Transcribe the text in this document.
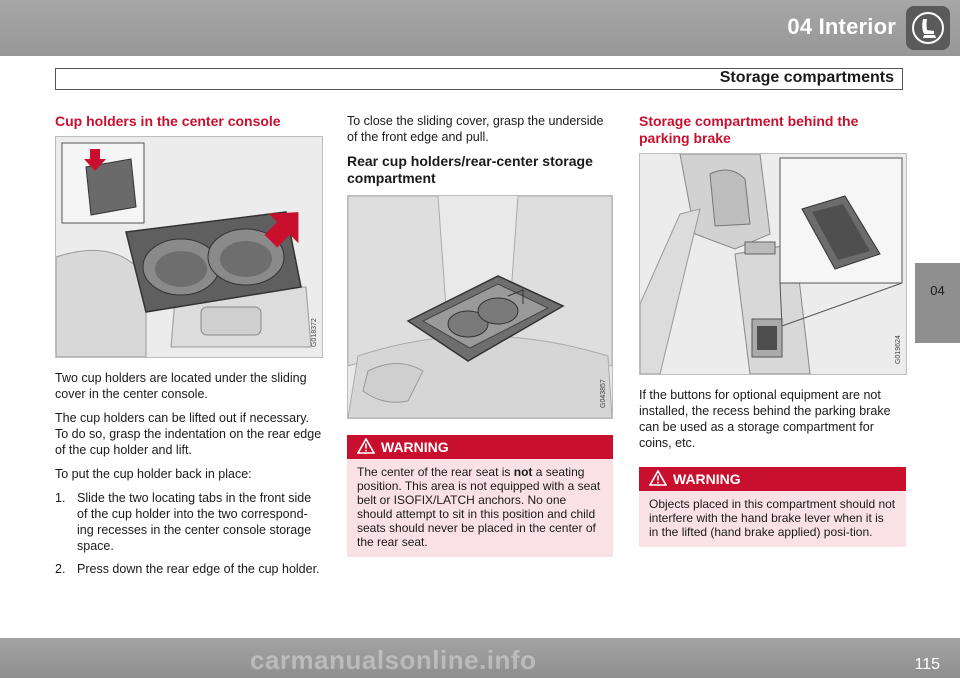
04 Interior
Storage compartments
04
Cup holders in the center console
G018372

Two cup holders are located under the sliding cover in the center console.

The cup holders can be lifted out if necessary. To do so, grasp the indentation on the rear edge of the cup holder and lift.

To put the cup holder back in place:

1. Slide the two locating tabs in the front side of the cup holder into the two correspond-ing recesses in the center console storage space.
2. Press down the rear edge of the cup holder.

To close the sliding cover, grasp the underside of the front edge and pull.

Rear cup holders/rear-center storage compartment
G043857
WARNING
The center of the rear seat is not a seating position. This area is not equipped with a seat belt or ISOFIX/LATCH anchors. No one should attempt to sit in this position and child seats should never be placed in the center of the rear seat.
Storage compartment behind the parking brake
G019624

If the buttons for optional equipment are not installed, the recess behind the parking brake can be used as a storage compartment for coins, etc.

WARNING
Objects placed in this compartment should not interfere with the hand brake lever when it is in the lifted (hand brake applied) posi-tion.
carmanualsonline.info	115
